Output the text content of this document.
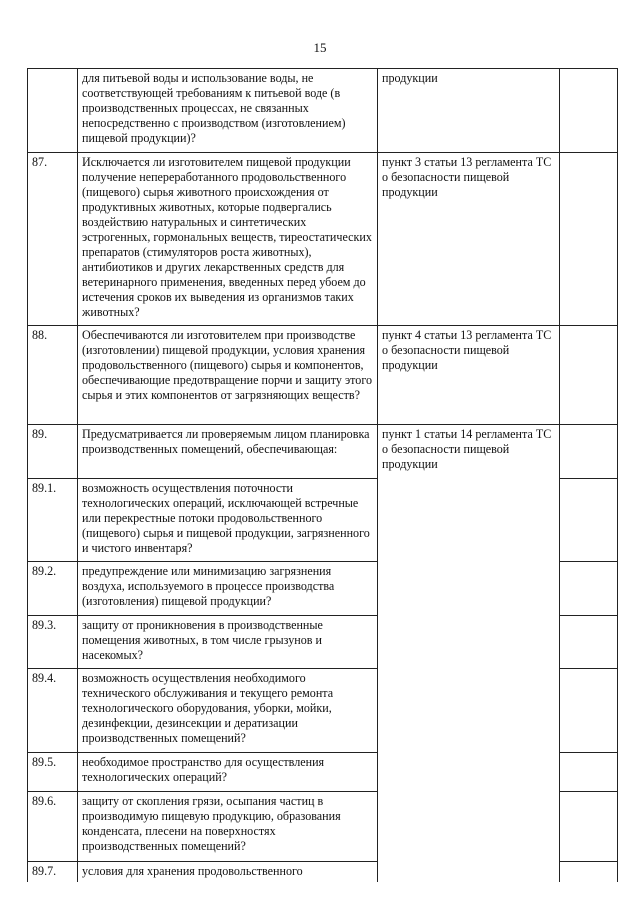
15
	для питьевой воды и использование воды, не соответствующей требованиям к питьевой воде (в производственных процессах, не связанных непосредственно с производством (изготовлением) пищевой продукции)?	продукции		
87.	Исключается ли изготовителем пищевой продукции получение непереработанного продовольственного (пищевого) сырья животного происхождения от продуктивных животных, которые подвергались воздействию натуральных и синтетических эстрогенных, гормональных веществ, тиреостатических препаратов (стимуляторов роста животных), антибиотиков и других лекарственных средств для ветеринарного применения, введенных перед убоем до истечения сроков их выведения из организмов таких животных?	пункт 3 статьи 13 регламента ТС о безопасности пищевой продукции		
88.	Обеспечиваются ли изготовителем при производстве (изготовлении) пищевой продукции, условия хранения продовольственного (пищевого) сырья и компонентов, обеспечивающие предотвращение порчи и защиту этого сырья и этих компонентов от загрязняющих веществ?	пункт 4 статьи 13 регламента ТС о безопасности пищевой продукции		
89.	Предусматривается ли проверяемым лицом планировка производственных помещений, обеспечивающая:	пункт 1 статьи 14 регламента ТС о безопасности пищевой продукции		
89.1.	возможность осуществления поточности технологических операций, исключающей встречные или перекрестные потоки продовольственного (пищевого) сырья и пищевой продукции, загрязненного и чистого инвентаря?			
89.2.	предупреждение или минимизацию загрязнения воздуха, используемого в процессе производства (изготовления) пищевой продукции?			
89.3.	защиту от проникновения в производственные помещения животных, в том числе грызунов и насекомых?			
89.4.	возможность осуществления необходимого технического обслуживания и текущего ремонта технологического оборудования, уборки, мойки, дезинфекции, дезинсекции и дератизации производственных помещений?			
89.5.	необходимое пространство для осуществления технологических операций?			
89.6.	защиту от скопления грязи, осыпания частиц в производимую пищевую продукцию, образования конденсата, плесени на поверхностях производственных помещений?			
89.7.	условия для хранения продовольственного			
